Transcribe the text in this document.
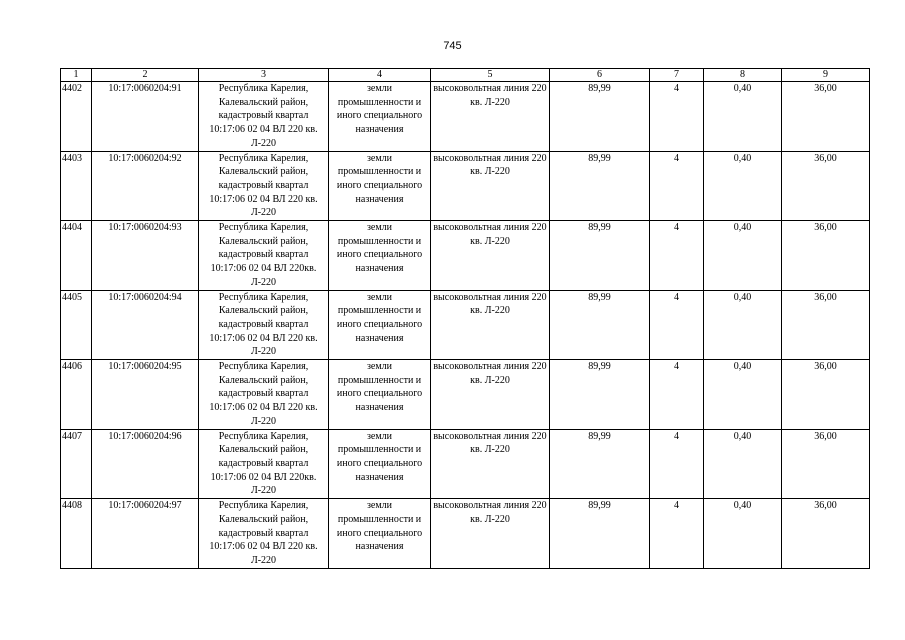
745
1	2	3	4	5	6	7	8	9
4402	10:17:0060204:91	Республика Карелия, Калевальский район, кадастровый квартал 10:17:06 02 04 ВЛ 220 кв. Л-220	земли промышленности и иного специального назначения	высоковольтная линия 220 кв. Л-220	89,99	4	0,40	36,00
4403	10:17:0060204:92	Республика Карелия, Калевальский район, кадастровый квартал 10:17:06 02 04 ВЛ 220 кв. Л-220	земли промышленности и иного специального назначения	высоковольтная линия 220 кв. Л-220	89,99	4	0,40	36,00
4404	10:17:0060204:93	Республика Карелия, Калевальский район, кадастровый квартал 10:17:06 02 04 ВЛ 220кв. Л-220	земли промышленности и иного специального назначения	высоковольтная линия 220 кв. Л-220	89,99	4	0,40	36,00
4405	10:17:0060204:94	Республика Карелия, Калевальский район, кадастровый квартал 10:17:06 02 04 ВЛ 220 кв. Л-220	земли промышленности и иного специального назначения	высоковольтная линия 220 кв. Л-220	89,99	4	0,40	36,00
4406	10:17:0060204:95	Республика Карелия, Калевальский район, кадастровый квартал 10:17:06 02 04 ВЛ 220 кв. Л-220	земли промышленности и иного специального назначения	высоковольтная линия 220 кв. Л-220	89,99	4	0,40	36,00
4407	10:17:0060204:96	Республика Карелия, Калевальский район, кадастровый квартал 10:17:06 02 04 ВЛ 220кв. Л-220	земли промышленности и иного специального назначения	высоковольтная линия 220 кв. Л-220	89,99	4	0,40	36,00
4408	10:17:0060204:97	Республика Карелия, Калевальский район, кадастровый квартал 10:17:06 02 04 ВЛ 220 кв. Л-220	земли промышленности и иного специального назначения	высоковольтная линия 220 кв. Л-220	89,99	4	0,40	36,00
